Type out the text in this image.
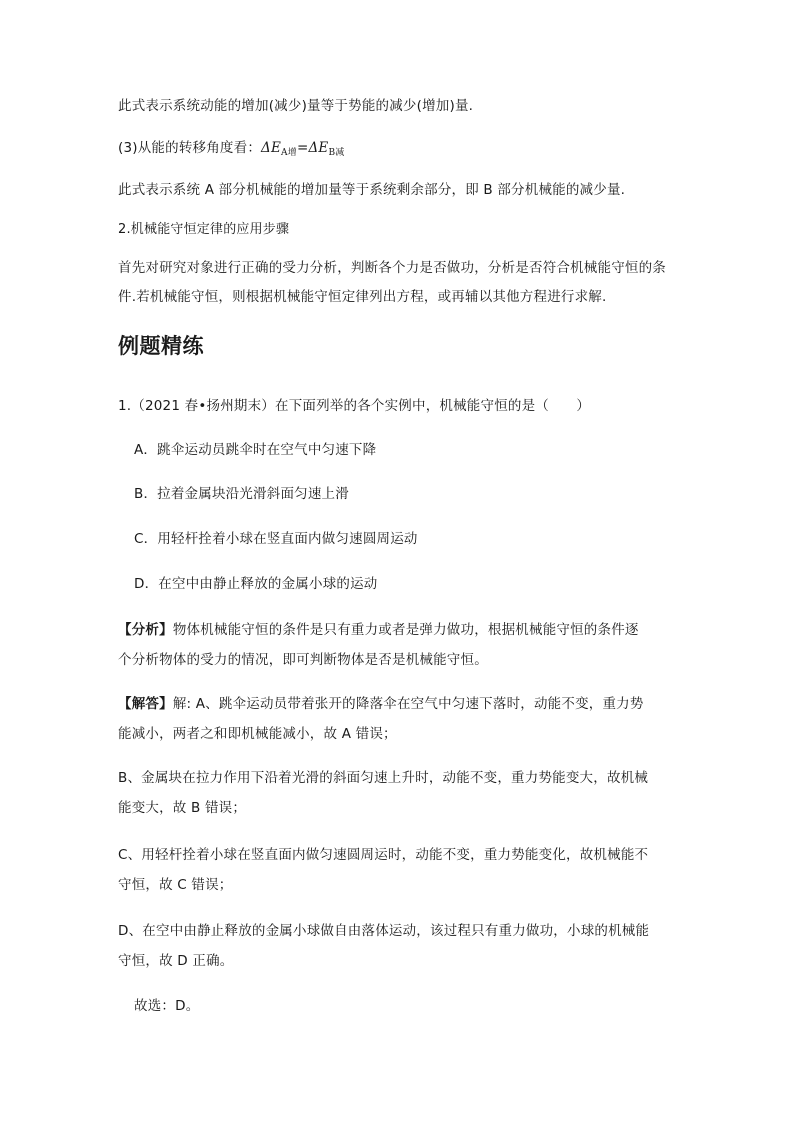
此式表示系统动能的增加(减少)量等于势能的减少(增加)量.
(3)从能的转移角度看：$\Delta E_{A增}=\Delta E_{B减}$
此式表示系统 A 部分机械能的增加量等于系统剩余部分，即 B 部分机械能的减少量.
2.机械能守恒定律的应用步骤
首先对研究对象进行正确的受力分析，判断各个力是否做功，分析是否符合机械能守恒的条
件.若机械能守恒，则根据机械能守恒定律列出方程，或再辅以其他方程进行求解.
例题精练
1.（2021 春•扬州期末）在下面列举的各个实例中，机械能守恒的是（　　）
A．跳伞运动员跳伞时在空气中匀速下降
B．拉着金属块沿光滑斜面匀速上滑
C．用轻杆拴着小球在竖直面内做匀速圆周运动
D．在空中由静止释放的金属小球的运动
【分析】物体机械能守恒的条件是只有重力或者是弹力做功，根据机械能守恒的条件逐
个分析物体的受力的情况，即可判断物体是否是机械能守恒。
【解答】解: A、跳伞运动员带着张开的降落伞在空气中匀速下落时，动能不变，重力势
能减小，两者之和即机械能减小，故 A 错误；
B、金属块在拉力作用下沿着光滑的斜面匀速上升时，动能不变，重力势能变大，故机械
能变大，故 B 错误；
C、用轻杆拴着小球在竖直面内做匀速圆周运时，动能不变，重力势能变化，故机械能不
守恒，故 C 错误；
D、在空中由静止释放的金属小球做自由落体运动，该过程只有重力做功，小球的机械能
守恒，故 D 正确。
故选：D。
